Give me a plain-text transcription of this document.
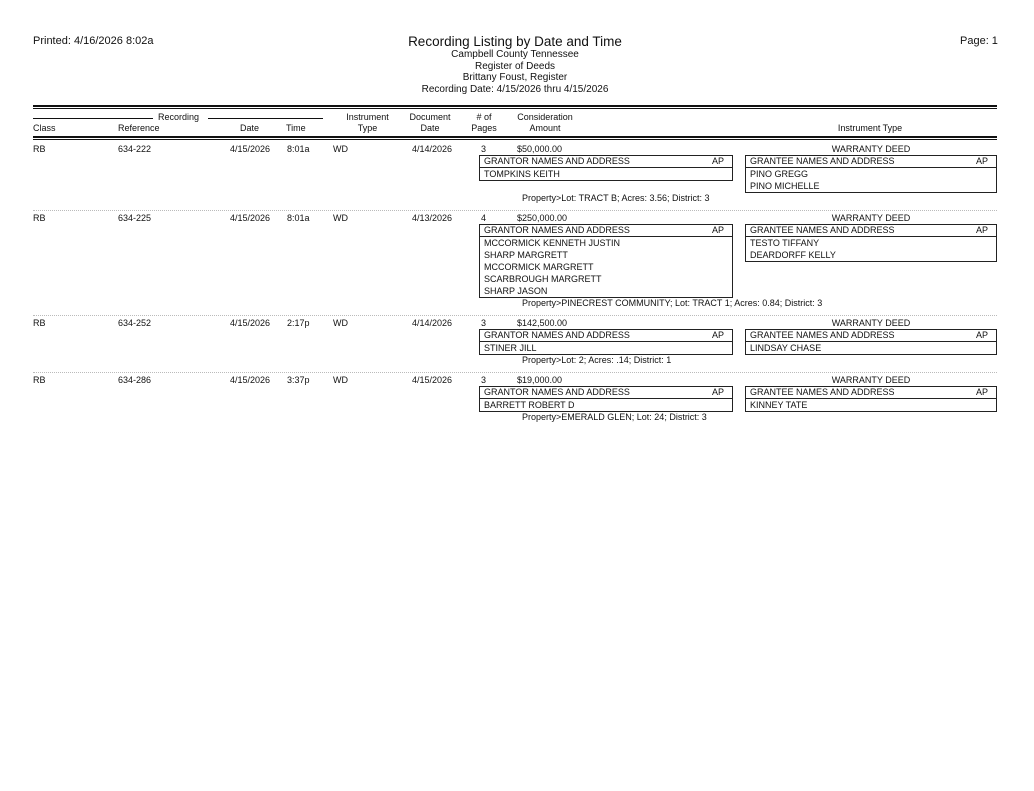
Printed: 4/16/2026 8:02a	Page: 1
Recording Listing by Date and Time
Campbell County Tennessee
Register of Deeds
Brittany Foust, Register
Recording Date: 4/15/2026 thru 4/15/2026
Recording
Class	Reference	Date	Time
Instrument
Type
Document
Date
# of
Pages
Consideration
Amount	Instrument Type
RB	634-222	4/15/2026 8:01a	WD	4/14/2026	3	$50,000.00	WARRANTY DEED
GRANTOR NAMES AND ADDRESS	AP
TOMPKINS KEITH
GRANTEE NAMES AND ADDRESS	AP
PINO GREGG
PINO MICHELLE
Property>Lot: TRACT B; Acres: 3.56; District: 3
RB	634-225	4/15/2026 8:01a	WD	4/13/2026	4	$250,000.00	WARRANTY DEED
GRANTOR NAMES AND ADDRESS	AP
MCCORMICK KENNETH JUSTIN
SHARP MARGRETT
MCCORMICK MARGRETT
SCARBROUGH MARGRETT
SHARP JASON
GRANTEE NAMES AND ADDRESS	AP
TESTO TIFFANY
DEARDORFF KELLY
Property>PINECREST COMMUNITY; Lot: TRACT 1; Acres: 0.84; District: 3
RB	634-252	4/15/2026 2:17p	WD	4/14/2026	3	$142,500.00	WARRANTY DEED
GRANTOR NAMES AND ADDRESS	AP
STINER JILL
GRANTEE NAMES AND ADDRESS	AP
LINDSAY CHASE
Property>Lot: 2; Acres: .14; District: 1
RB	634-286	4/15/2026 3:37p	WD	4/15/2026	3	$19,000.00	WARRANTY DEED
GRANTOR NAMES AND ADDRESS	AP
BARRETT ROBERT D
GRANTEE NAMES AND ADDRESS	AP
KINNEY TATE
Property>EMERALD GLEN; Lot: 24; District: 3
